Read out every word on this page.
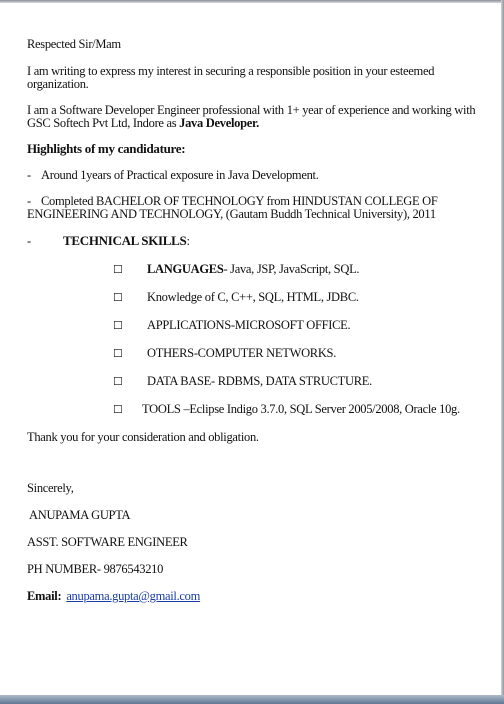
Respected Sir/Mam

I am writing to express my interest in securing a responsible position in your esteemed organization.

I am a Software Developer Engineer professional with 1+ year of experience and working with GSC Softech Pvt Ltd, Indore as Java Developer.

Highlights of my candidature:

- Around 1years of Practical exposure in Java Development.

- Completed BACHELOR OF TECHNOLOGY from HINDUSTAN COLLEGE OF ENGINEERING AND TECHNOLOGY, (Gautam Buddh Technical University), 2011

-	TECHNICAL SKILLS :
☐	LANGUAGES- Java, JSP, JavaScript, SQL.
☐	Knowledge of C, C++, SQL, HTML, JDBC.
☐	APPLICATIONS-MICROSOFT OFFICE.
☐	OTHERS-COMPUTER NETWORKS.
☐	DATA BASE- RDBMS, DATA STRUCTURE.

☐ TOOLS –Eclipse Indigo 3.7.0, SQL Server 2005/2008, Oracle 10g.

Thank you for your consideration and obligation.

Sincerely,

ANUPAMA GUPTA

ASST. SOFTWARE ENGINEER

PH NUMBER- 9876543210

Email: anupama.gupta@gmail.com
